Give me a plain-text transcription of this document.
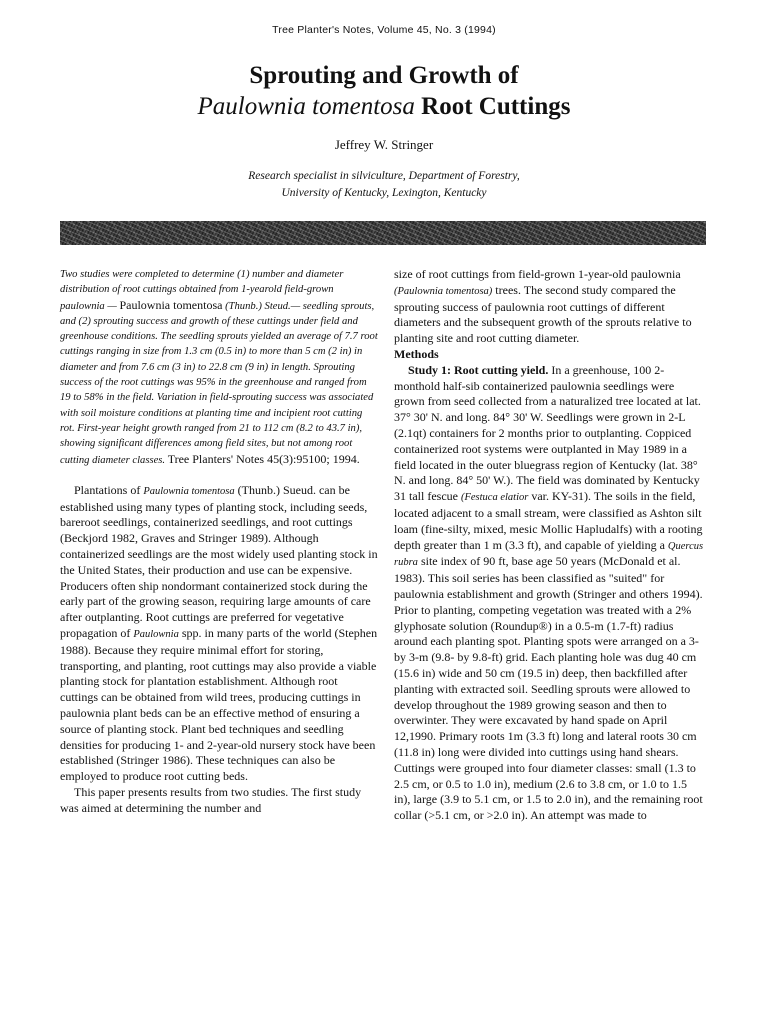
Tree Planter's Notes, Volume 45, No. 3 (1994)
Sprouting and Growth of
Paulownia tomentosa Root Cuttings
Jeffrey W. Stringer
Research specialist in silviculture, Department of Forestry,
University of Kentucky, Lexington, Kentucky

Two studies were completed to determine (1) number and diameter distribution of root cuttings obtained from 1-yearold field-grown paulownia — Paulownia tomentosa (Thunb.) Steud.— seedling sprouts, and (2) sprouting success and growth of these cuttings under field and greenhouse conditions. The seedling sprouts yielded an average of 7.7 root cuttings ranging in size from 1.3 cm (0.5 in) to more than 5 cm (2 in) in diameter and from 7.6 cm (3 in) to 22.8 cm (9 in) in length. Sprouting success of the root cuttings was 95% in the greenhouse and ranged from 19 to 58% in the field. Variation in field-sprouting success was associated with soil moisture conditions at planting time and incipient root cutting rot. First-year height growth ranged from 21 to 112 cm (8.2 to 43.7 in), showing significant differences among field sites, but not among root cutting diameter classes. Tree Planters' Notes 45(3):95100; 1994.

Plantations of Paulownia tomentosa (Thunb.) Sueud. can be established using many types of planting stock, including seeds, bareroot seedlings, containerized seedlings, and root cuttings (Beckjord 1982, Graves and Stringer 1989). Although containerized seedlings are the most widely used planting stock in the United States, their production and use can be expensive. Producers often ship nondormant containerized stock during the early part of the growing season, requiring large amounts of care after outplanting. Root cuttings are preferred for vegetative propagation of Paulownia spp. in many parts of the world (Stephen 1988). Because they require minimal effort for storing, transporting, and planting, root cuttings may also provide a viable planting stock for plantation establishment. Although root cuttings can be obtained from wild trees, producing cuttings in paulownia plant beds can be an effective method of ensuring a source of planting stock. Plant bed techniques and seedling densities for producing 1- and 2-year-old nursery stock have been established (Stringer 1986). These techniques can also be employed to produce root cutting beds.

This paper presents results from two studies. The first study was aimed at determining the number and

size of root cuttings from field-grown 1-year-old paulownia (Paulownia tomentosa) trees. The second study compared the sprouting success of paulownia root cuttings of different diameters and the subsequent growth of the sprouts relative to planting site and root cutting diameter.

Methods

Study 1: Root cutting yield. In a greenhouse, 100 2-monthold half-sib containerized paulownia seedlings were grown from seed collected from a naturalized tree located at lat. 37° 30' N. and long. 84° 30' W. Seedlings were grown in 2-L (2.1qt) containers for 2 months prior to outplanting. Coppiced containerized root systems were outplanted in May 1989 in a field located in the outer bluegrass region of Kentucky (lat. 38° N. and long. 84° 50' W.). The field was dominated by Kentucky 31 tall fescue (Festuca elatior var. KY-31). The soils in the field, located adjacent to a small stream, were classified as Ashton silt loam (fine-silty, mixed, mesic Mollic Hapludalfs) with a rooting depth greater than 1 m (3.3 ft), and capable of yielding a Quercus rubra site index of 90 ft, base age 50 years (McDonald et al. 1983). This soil series has been classified as "suited" for paulownia establishment and growth (Stringer and others 1994). Prior to planting, competing vegetation was treated with a 2% glyphosate solution (Roundup®) in a 0.5-m (1.7-ft) radius around each planting spot. Planting spots were arranged on a 3- by 3-m (9.8- by 9.8-ft) grid. Each planting hole was dug 40 cm (15.6 in) wide and 50 cm (19.5 in) deep, then backfilled after planting with extracted soil. Seedling sprouts were allowed to develop throughout the 1989 growing season and then to overwinter. They were excavated by hand spade on April 12,1990. Primary roots 1m (3.3 ft) long and lateral roots 30 cm (11.8 in) long were divided into cuttings using hand shears. Cuttings were grouped into four diameter classes: small (1.3 to 2.5 cm, or 0.5 to 1.0 in), medium (2.6 to 3.8 cm, or 1.0 to 1.5 in), large (3.9 to 5.1 cm, or 1.5 to 2.0 in), and the remaining root collar (>5.1 cm, or >2.0 in). An attempt was made to
